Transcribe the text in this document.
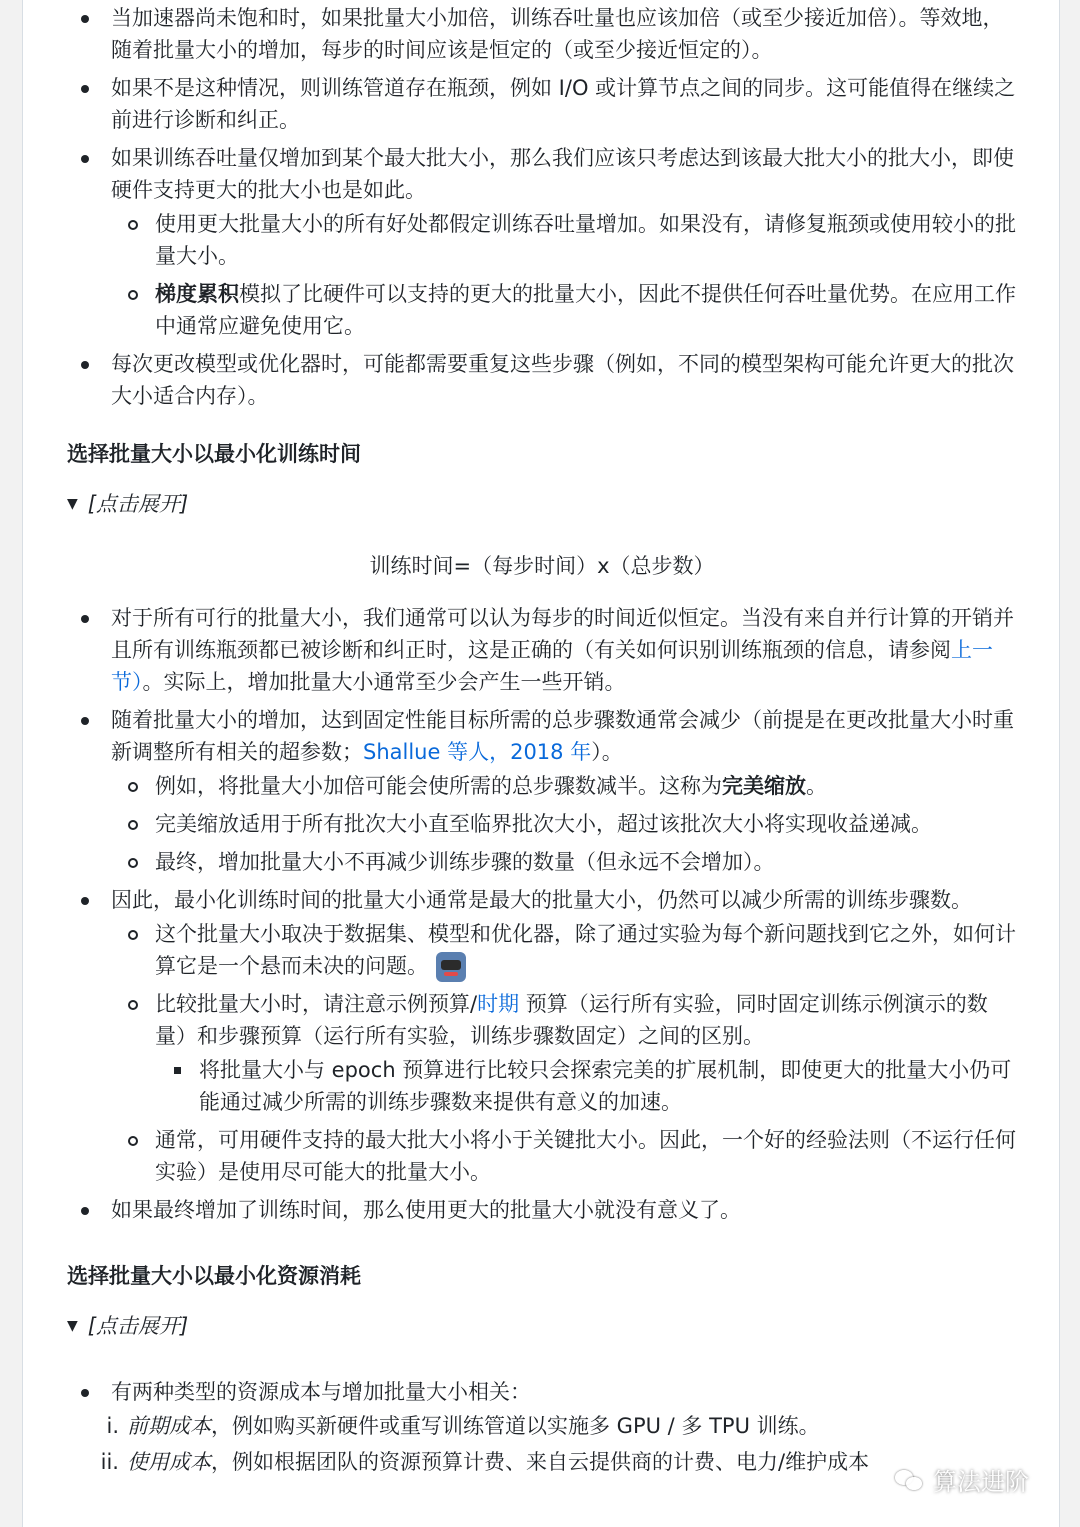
当加速器尚未饱和时，如果批量大小加倍，训练吞吐量也应该加倍（或至少接近加倍）。等效地，随着批量大小的增加，每步的时间应该是恒定的（或至少接近恒定的）。
如果不是这种情况，则训练管道存在瓶颈，例如 I/O 或计算节点之间的同步。这可能值得在继续之前进行诊断和纠正。
如果训练吞吐量仅增加到某个最大批大小，那么我们应该只考虑达到该最大批大小的批大小，即使硬件支持更大的批大小也是如此。
使用更大批量大小的所有好处都假定训练吞吐量增加。如果没有，请修复瓶颈或使用较小的批量大小。
梯度累积模拟了比硬件可以支持的更大的批量大小，因此不提供任何吞吐量优势。在应用工作中通常应避免使用它。
每次更改模型或优化器时，可能都需要重复这些步骤（例如，不同的模型架构可能允许更大的批次大小适合内存）。
选择批量大小以最小化训练时间
▼ [点击展开]
训练时间=（每步时间）x（总步数）
对于所有可行的批量大小，我们通常可以认为每步的时间近似恒定。当没有来自并行计算的开销并且所有训练瓶颈都已被诊断和纠正时，这是正确的（有关如何识别训练瓶颈的信息，请参阅上一节）。实际上，增加批量大小通常至少会产生一些开销。
随着批量大小的增加，达到固定性能目标所需的总步骤数通常会减少（前提是在更改批量大小时重新调整所有相关的超参数；Shallue 等人，2018 年）。
例如，将批量大小加倍可能会使所需的总步骤数减半。这称为完美缩放。
完美缩放适用于所有批次大小直至临界批次大小，超过该批次大小将实现收益递减。
最终，增加批量大小不再减少训练步骤的数量（但永远不会增加）。
因此，最小化训练时间的批量大小通常是最大的批量大小，仍然可以减少所需的训练步骤数。
这个批量大小取决于数据集、模型和优化器，除了通过实验为每个新问题找到它之外，如何计算它是一个悬而未决的问题。
比较批量大小时，请注意示例预算/时期 预算（运行所有实验，同时固定训练示例演示的数量）和步骤预算（运行所有实验，训练步骤数固定）之间的区别。
将批量大小与 epoch 预算进行比较只会探索完美的扩展机制，即使更大的批量大小仍可能通过减少所需的训练步骤数来提供有意义的加速。
通常，可用硬件支持的最大批大小将小于关键批大小。因此，一个好的经验法则（不运行任何实验）是使用尽可能大的批量大小。
如果最终增加了训练时间，那么使用更大的批量大小就没有意义了。
选择批量大小以最小化资源消耗
▼ [点击展开]
有两种类型的资源成本与增加批量大小相关：
i. 前期成本，例如购买新硬件或重写训练管道以实施多 GPU / 多 TPU 训练。
ii. 使用成本，例如根据团队的资源预算计费、来自云提供商的计费、电力/维护成本
算法进阶
